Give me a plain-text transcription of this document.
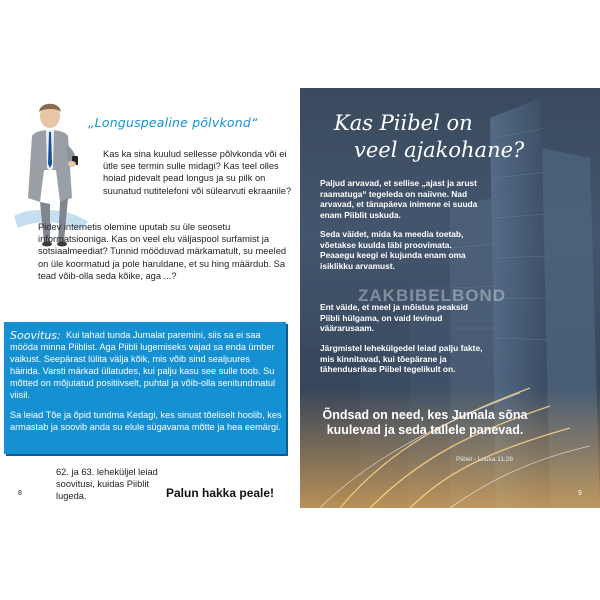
„Longuspealine põlvkond“
Kas ka sina kuulud sellesse põlvkonda või ei ütle see termin sulle midagi? Kas teel olles hoiad pidevalt pead longus ja su pilk on suunatud nutitelefoni või sülearvuti ekraanile?
Pidev internetis olemine uputab su üle seosetu informatsiooniga. Kas on veel elu väljaspool surfamist ja sotsiaalmeediat? Tunnid mööduvad märkamatult, su meeled on üle koormatud ja pole haruldane, et su hing määrdub. Sa tead võib-olla seda kõike, aga ...?

Kui tahad tunda Jumalat paremini, siis sa ei saa mööda minna Piiblist. Aga Piibli lugemiseks vajad sa enda ümber vaikust. Seepärast lülita välja kõik, mis võib sind sealjuures häirida. Varsti märkad üllatudes, kui palju kasu see sulle toob. Su mõtted on mõjutatud positiivselt, puhtal ja võib-olla senitundmatul viisil.

Soovitus:

Sa leiad Tõe ja õpid tundma Kedagi, kes sinust tõeliselt hoolib, kes armastab ja soovib anda su elule sügavama mõtte ja hea eemärgi.

62. ja 63. leheküljel leiad soovitusi, kuidas Piiblit lugeda.	Palun hakka peale!
8
Kas Piibel on
veel ajakohane?

Paljud arvavad, et sellise „ajast ja arust raamatuga“ tegeleda on naiivne. Nad arvavad, et tänapäeva inimene ei suuda enam Piiblit uskuda.

Seda väidet, mida ka meedia toetab, võetakse kuulda läbi proovimata. Peaaegu keegi ei kujunda enam oma isiklikku arvamust.

ZAKBIBELBOND

Ent väide, et meel ja mõistus peaksid Piibli hülgama, on vaid levinud väärarusaam.

Järgmistel lehekülgedel leiad palju fakte, mis kinnitavad, kui tõepärane ja tähendusrikas Piibel tegelikult on.

Õndsad on need, kes Jumala sõna kuulevad ja seda tallele panevad.

Piibel - Luuka 11:28
9
